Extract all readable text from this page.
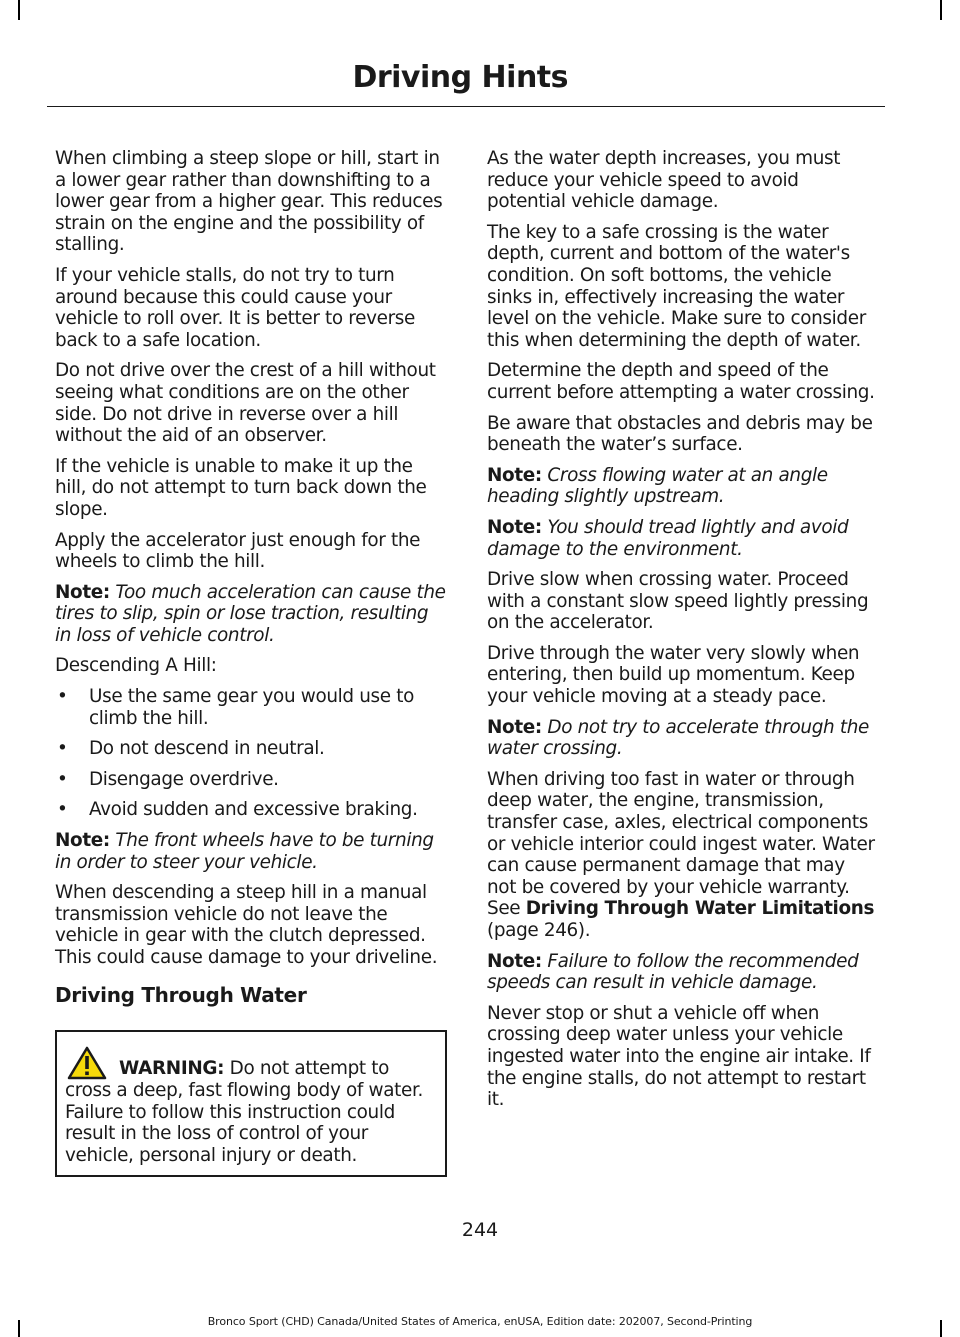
Driving Hints

When climbing a steep slope or hill, start in a lower gear rather than downshifting to a lower gear from a higher gear. This reduces strain on the engine and the possibility of stalling.

If your vehicle stalls, do not try to turn around because this could cause your vehicle to roll over. It is better to reverse back to a safe location.

Do not drive over the crest of a hill without seeing what conditions are on the other side. Do not drive in reverse over a hill without the aid of an observer.

If the vehicle is unable to make it up the hill, do not attempt to turn back down the slope.

Apply the accelerator just enough for the wheels to climb the hill.

Note: Too much acceleration can cause the tires to slip, spin or lose traction, resulting in loss of vehicle control.

Descending A Hill:

• Use the same gear you would use to climb the hill.
• Do not descend in neutral.
• Disengage overdrive.
• Avoid sudden and excessive braking.

Note: The front wheels have to be turning in order to steer your vehicle.

When descending a steep hill in a manual transmission vehicle do not leave the vehicle in gear with the clutch depressed. This could cause damage to your driveline.

Driving Through Water
WARNING: Do not attempt to cross a deep, fast flowing body of water. Failure to follow this instruction could result in the loss of control of your vehicle, personal injury or death.

As the water depth increases, you must reduce your vehicle speed to avoid potential vehicle damage.

The key to a safe crossing is the water depth, current and bottom of the water's condition. On soft bottoms, the vehicle sinks in, effectively increasing the water level on the vehicle. Make sure to consider this when determining the depth of water.

Determine the depth and speed of the current before attempting a water crossing.

Be aware that obstacles and debris may be beneath the water’s surface.

Note: Cross flowing water at an angle heading slightly upstream.

Note: You should tread lightly and avoid damage to the environment.

Drive slow when crossing water. Proceed with a constant slow speed lightly pressing on the accelerator.

Drive through the water very slowly when entering, then build up momentum. Keep your vehicle moving at a steady pace.

Note: Do not try to accelerate through the water crossing.

When driving too fast in water or through deep water, the engine, transmission, transfer case, axles, electrical components or vehicle interior could ingest water. Water can cause permanent damage that may not be covered by your vehicle warranty. See Driving Through Water Limitations (page 246).

Note: Failure to follow the recommended speeds can result in vehicle damage.

Never stop or shut a vehicle off when crossing deep water unless your vehicle ingested water into the engine air intake. If the engine stalls, do not attempt to restart it.

244
Bronco Sport (CHD) Canada/United States of America, enUSA, Edition date: 202007, Second-Printing
